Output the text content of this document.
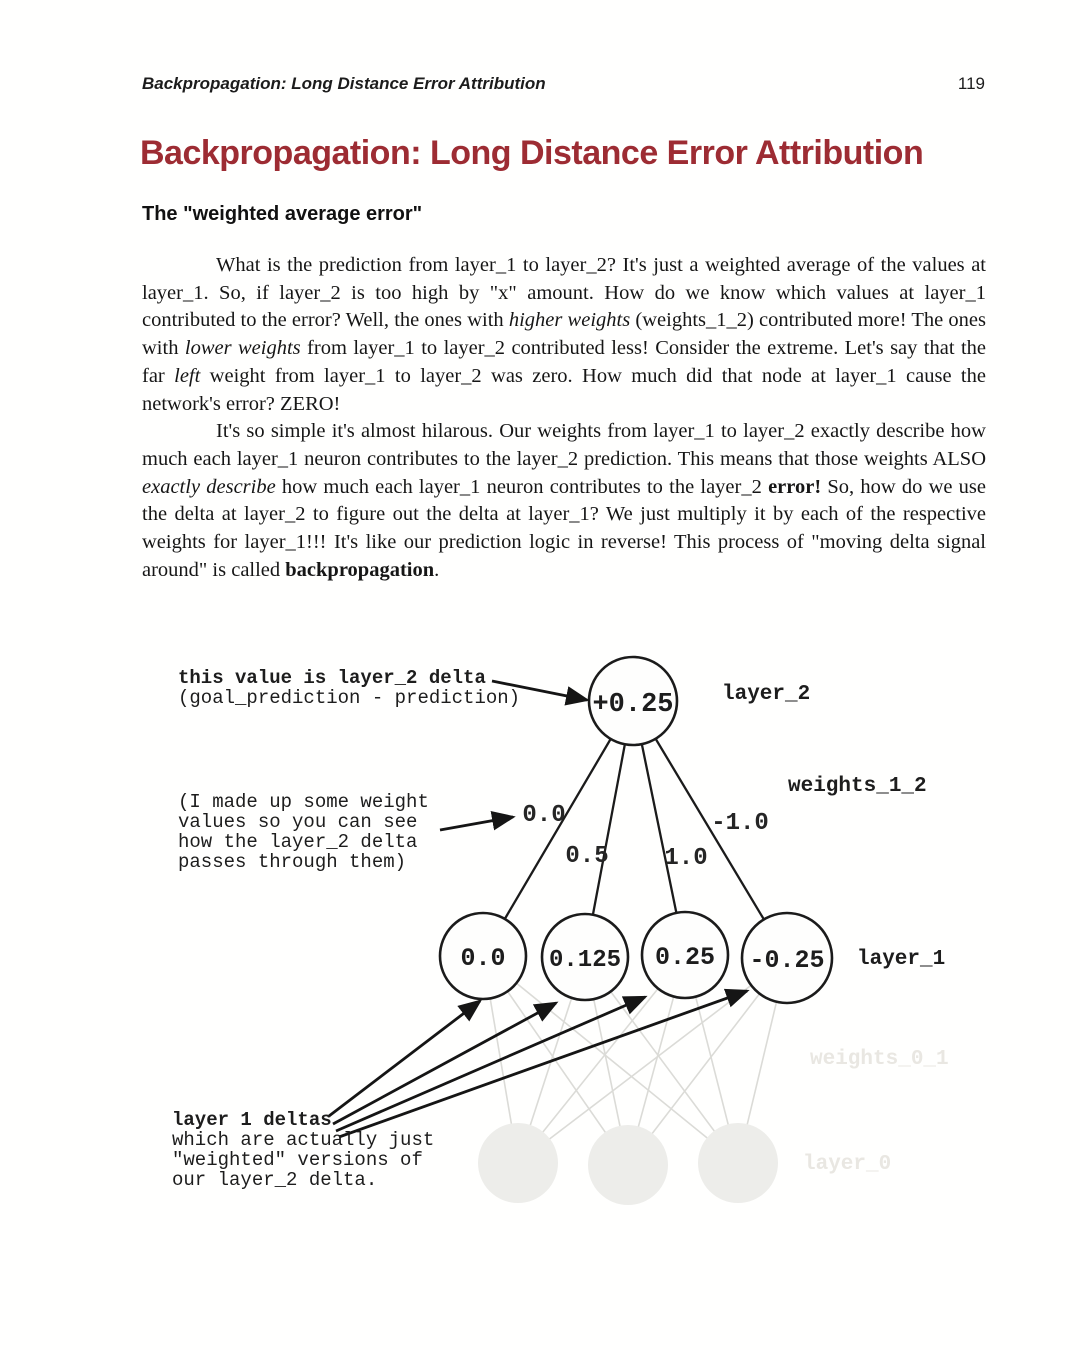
Backpropagation: Long Distance Error Attribution	119
Backpropagation: Long Distance Error Attribution
The "weighted average error"

What is the prediction from layer_1 to layer_2? It's just a weighted average of the values at layer_1. So, if layer_2 is too high by "x" amount. How do we know which values at layer_1 contributed to the error? Well, the ones with higher weights (weights_1_2) contributed more! The ones with lower weights from layer_1 to layer_2 contributed less! Consider the extreme. Let's say that the far left weight from layer_1 to layer_2 was zero. How much did that node at layer_1 cause the network's error? ZERO!

It's so simple it's almost hilarous. Our weights from layer_1 to layer_2 exactly describe how much each layer_1 neuron contributes to the layer_2 prediction. This means that those weights ALSO exactly describe how much each layer_1 neuron contributes to the layer_2 error! So, how do we use the delta at layer_2 to figure out the delta at layer_1? We just multiply it by each of the respective weights for layer_1!!! It's like our prediction logic in reverse! This process of "moving delta signal around" is called backpropagation.

+0.25
0.0 0.125 0.25 -0.25
0.0
0.5 1.0
-1.0
layer_2
weights_1_2
layer_1
weights_0_1
layer_0
this value is layer_2 delta
(goal_prediction - prediction)
(I made up some weight
values so you can see
how the layer_2 delta
passes through them)
layer 1 deltas
which are actually just
"weighted" versions of
our layer_2 delta.
